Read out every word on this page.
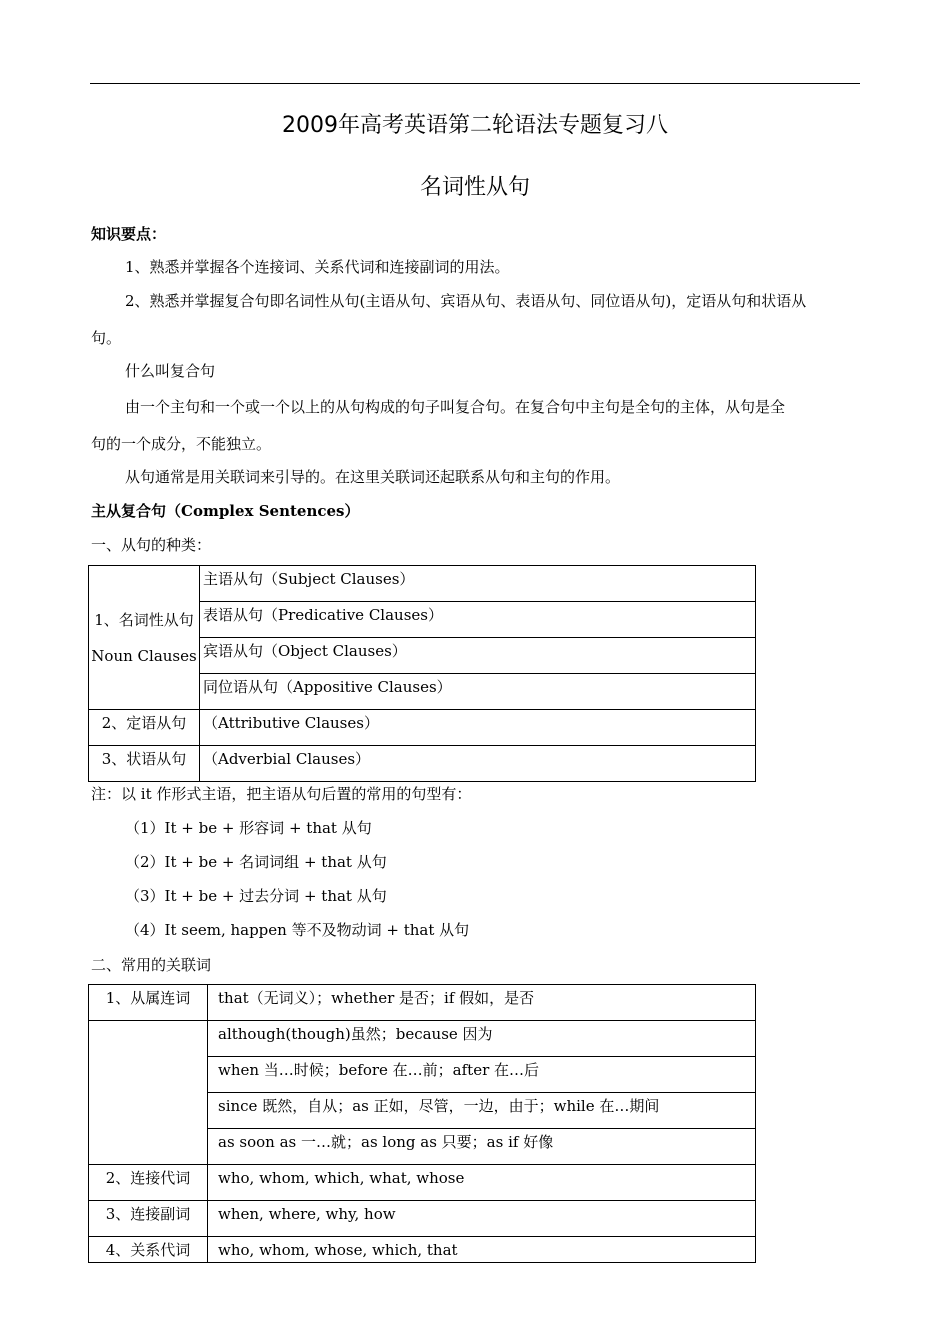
2009年高考英语第二轮语法专题复习八
名词性从句
知识要点：
1、熟悉并掌握各个连接词、关系代词和连接副词的用法。
2、熟悉并掌握复合句即名词性从句(主语从句、宾语从句、表语从句、同位语从句)，定语从句和状语从
句。
什么叫复合句
由一个主句和一个或一个以上的从句构成的句子叫复合句。在复合句中主句是全句的主体，从句是全
句的一个成分，不能独立。
从句通常是用关联词来引导的。在这里关联词还起联系从句和主句的作用。
主从复合句（Complex Sentences）
一、从句的种类：
1、名词性从句
Noun Clauses	主语从句（Subject Clauses）

	表语从句（Predicative Clauses）

	宾语从句（Object Clauses）

	同位语从句（Appositive Clauses）

2、定语从句	（Attributive Clauses）

3、状语从句	（Adverbial Clauses）
注：以 it 作形式主语，把主语从句后置的常用的句型有：
（1）It + be + 形容词 + that 从句
（2）It + be + 名词词组 + that 从句
（3）It + be + 过去分词 + that 从句
（4）It seem, happen 等不及物动词 + that 从句
二、常用的关联词
1、从属连词	that（无词义）；whether 是否；if 假如，是否

	although(though)虽然；because 因为

	when 当…时候；before 在…前；after 在…后

	since 既然，自从；as 正如，尽管，一边，由于；while 在…期间

	as soon as 一…就；as long as 只要；as if 好像

2、连接代词	who, whom, which, what, whose

3、连接副词	when, where, why, how

4、关系代词	who, whom, whose, which, that
